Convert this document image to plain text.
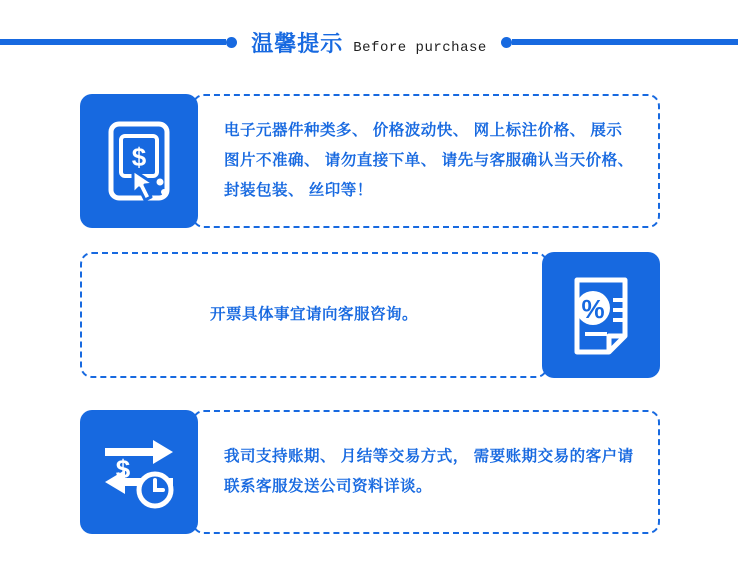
温馨提示 Before purchase
$

电子元器件种类多、 价格波动快、 网上标注价格、 展示图片不准确、 请勿直接下单、 请先与客服确认当天价格、 封装包装、 丝印等！

开票具体事宜请向客服咨询。	%
$	我司支持账期、 月结等交易方式， 需要账期交易的客户请联系客服发送公司资料详谈。
